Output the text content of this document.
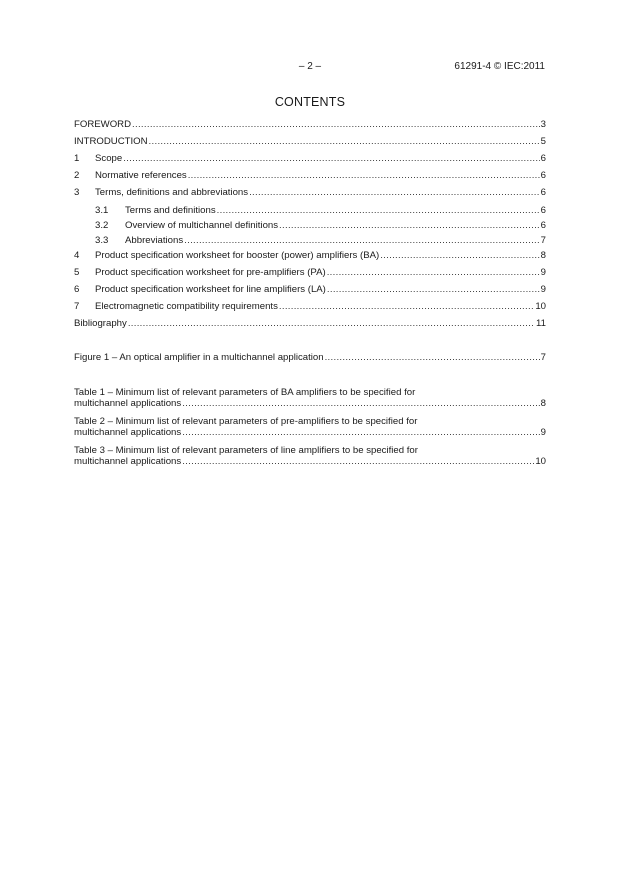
– 2 –	61291-4 © IEC:2011
CONTENTS
FOREWORD .....	3
INTRODUCTION .....	5
1	Scope .....	6
2	Normative references .....	6
3	Terms, definitions and abbreviations .....	6
3.1	Terms and definitions .....	6
3.2	Overview of multichannel definitions .....	6
3.3	Abbreviations .....	7
4	Product specification worksheet for booster (power) amplifiers (BA) .....	8
5	Product specification worksheet for pre-amplifiers (PA) .....	9
6	Product specification worksheet for line amplifiers (LA) .....	9
7	Electromagnetic compatibility requirements .....	10
Bibliography .....	11
Figure 1 – An optical amplifier in a multichannel application .....	7
Table 1 – Minimum list of relevant parameters of BA amplifiers to be specified for
multichannel applications .....	8
Table 2 – Minimum list of relevant parameters of pre-amplifiers to be specified for
multichannel applications .....	9
Table 3 – Minimum list of relevant parameters of line amplifiers to be specified for
multichannel applications .....	10
